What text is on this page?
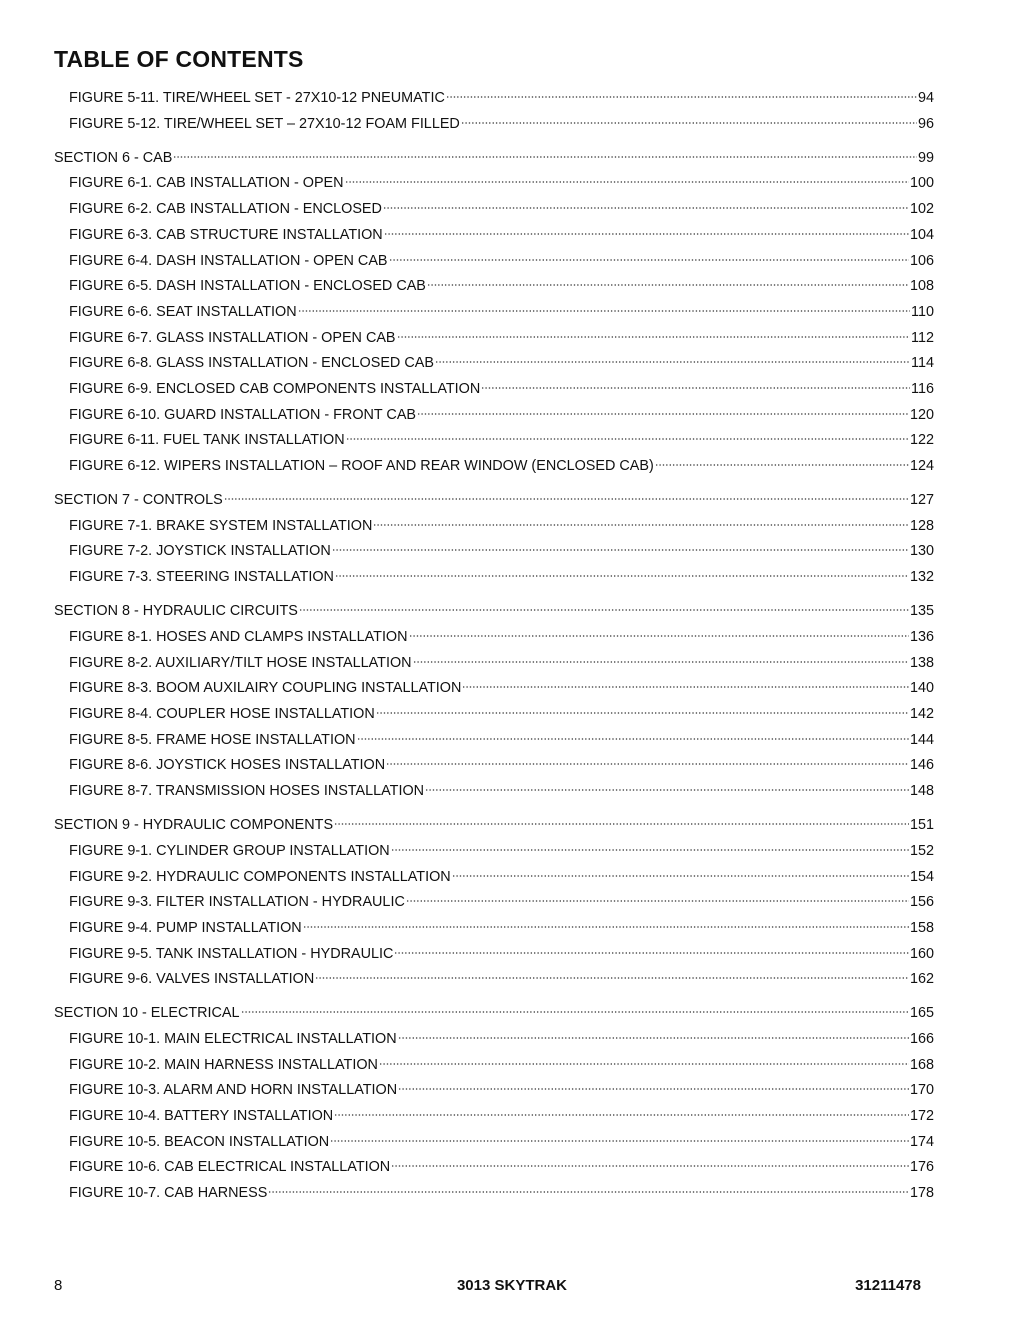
TABLE OF CONTENTS
FIGURE 5-11. TIRE/WHEEL SET - 27X10-12 PNEUMATIC	94
FIGURE 5-12. TIRE/WHEEL SET – 27X10-12 FOAM FILLED	96
SECTION 6 - CAB	99
FIGURE 6-1. CAB INSTALLATION - OPEN	100
FIGURE 6-2. CAB INSTALLATION - ENCLOSED	102
FIGURE 6-3. CAB STRUCTURE INSTALLATION	104
FIGURE 6-4. DASH INSTALLATION - OPEN CAB	106
FIGURE 6-5. DASH INSTALLATION - ENCLOSED CAB	108
FIGURE 6-6. SEAT INSTALLATION	110
FIGURE 6-7. GLASS INSTALLATION - OPEN CAB	112
FIGURE 6-8. GLASS INSTALLATION - ENCLOSED CAB	114
FIGURE 6-9. ENCLOSED CAB COMPONENTS INSTALLATION	116
FIGURE 6-10. GUARD INSTALLATION - FRONT CAB	120
FIGURE 6-11. FUEL TANK INSTALLATION	122
FIGURE 6-12. WIPERS INSTALLATION – ROOF AND REAR WINDOW (ENCLOSED CAB)	124
SECTION 7 - CONTROLS	127
FIGURE 7-1. BRAKE SYSTEM INSTALLATION	128
FIGURE 7-2. JOYSTICK INSTALLATION	130
FIGURE 7-3. STEERING INSTALLATION	132
SECTION 8 - HYDRAULIC CIRCUITS	135
FIGURE 8-1. HOSES AND CLAMPS INSTALLATION	136
FIGURE 8-2. AUXILIARY/TILT HOSE INSTALLATION	138
FIGURE 8-3. BOOM AUXILAIRY COUPLING INSTALLATION	140
FIGURE 8-4. COUPLER HOSE INSTALLATION	142
FIGURE 8-5. FRAME HOSE INSTALLATION	144
FIGURE 8-6. JOYSTICK HOSES INSTALLATION	146
FIGURE 8-7. TRANSMISSION HOSES INSTALLATION	148
SECTION 9 - HYDRAULIC COMPONENTS	151
FIGURE 9-1. CYLINDER GROUP INSTALLATION	152
FIGURE 9-2. HYDRAULIC COMPONENTS INSTALLATION	154
FIGURE 9-3. FILTER INSTALLATION - HYDRAULIC	156
FIGURE 9-4. PUMP INSTALLATION	158
FIGURE 9-5. TANK INSTALLATION - HYDRAULIC	160
FIGURE 9-6. VALVES INSTALLATION	162
SECTION 10 - ELECTRICAL	165
FIGURE 10-1. MAIN ELECTRICAL INSTALLATION	166
FIGURE 10-2. MAIN HARNESS INSTALLATION	168
FIGURE 10-3. ALARM AND HORN INSTALLATION	170
FIGURE 10-4. BATTERY INSTALLATION	172
FIGURE 10-5. BEACON INSTALLATION	174
FIGURE 10-6. CAB ELECTRICAL INSTALLATION	176
FIGURE 10-7. CAB HARNESS	178
8	3013 SKYTRAK	31211478
